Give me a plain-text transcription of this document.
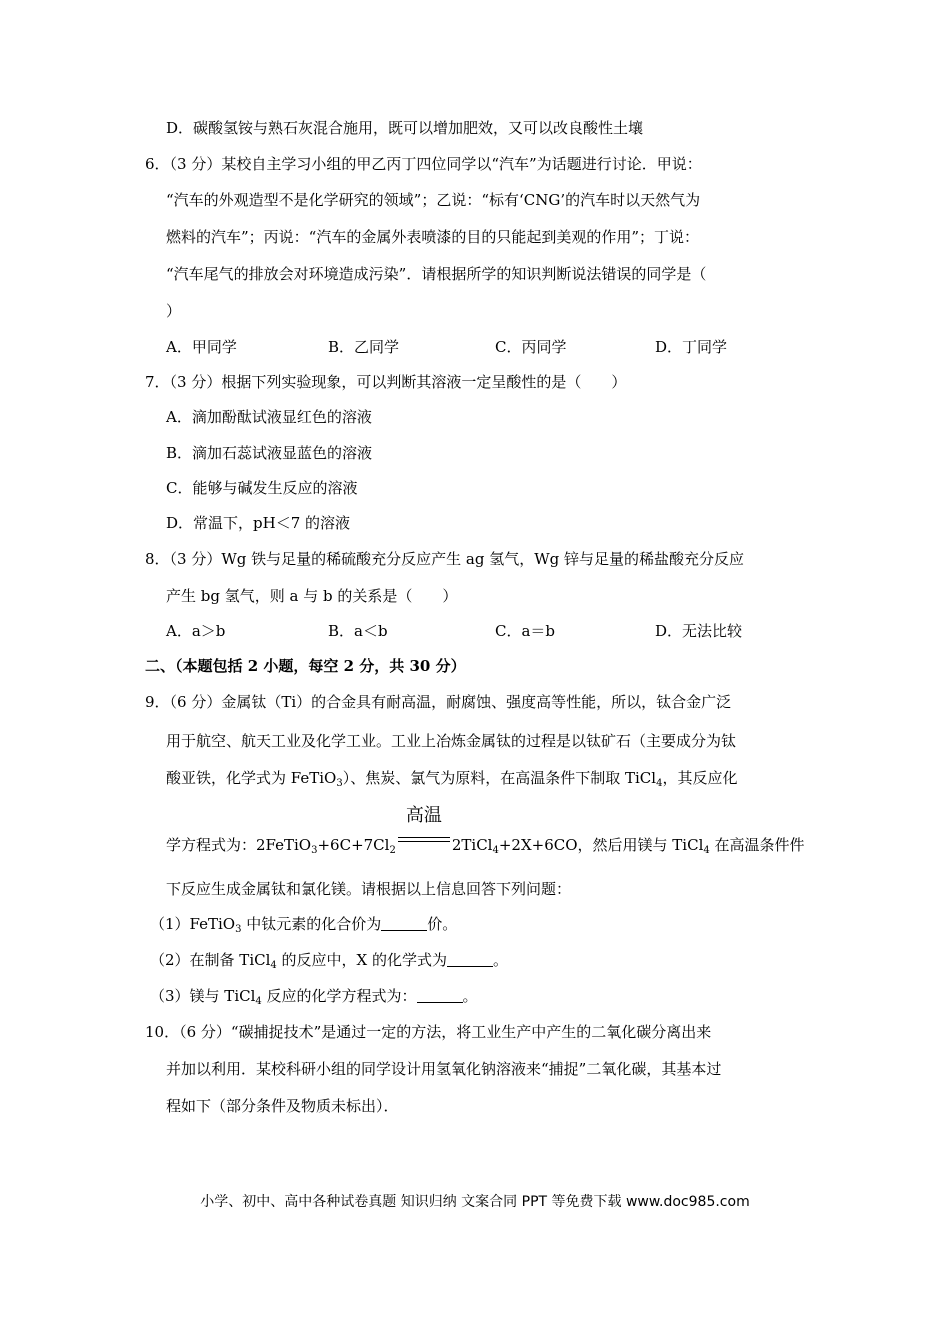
D．碳酸氢铵与熟石灰混合施用，既可以增加肥效，又可以改良酸性土壤
6．（3 分）某校自主学习小组的甲乙丙丁四位同学以“汽车”为话题进行讨论．甲说：
“汽车的外观造型不是化学研究的领域”；乙说：“标有‘CNG’的汽车时以天然气为
燃料的汽车”；丙说：“汽车的金属外表喷漆的目的只能起到美观的作用”；丁说：
“汽车尾气的排放会对环境造成污染”．请根据所学的知识判断说法错误的同学是（
）
A．甲同学	B．乙同学	C．丙同学	D．丁同学
7．（3 分）根据下列实验现象，可以判断其溶液一定呈酸性的是（　　）
A．滴加酚酞试液显红色的溶液
B．滴加石蕊试液显蓝色的溶液
C．能够与碱发生反应的溶液
D．常温下，pH＜7 的溶液
8．（3 分）Wg 铁与足量的稀硫酸充分反应产生 ag 氢气，Wg 锌与足量的稀盐酸充分反应
产生 bg 氢气，则 a 与 b 的关系是（　　）
A．a＞b	B．a＜b	C．a＝b	D．无法比较
二、（本题包括 2 小题，每空 2 分，共 30 分）
9．（6 分）金属钛（Ti）的合金具有耐高温，耐腐蚀、强度高等性能，所以，钛合金广泛
用于航空、航天工业及化学工业。工业上冶炼金属钛的过程是以钛矿石（主要成分为钛
酸亚铁，化学式为 FeTiO$_3$）、焦炭、氯气为原料，在高温条件下制取 TiCl$_4$，其反应化
学方程式为：$2FeTiO_3+6C+7Cl_2$
高温
2TiCl$_4$+2X+6CO，然后用镁与 TiCl$_4$ 在高温条件件
下反应生成金属钛和氯化镁。请根据以上信息回答下列问题：
（1）FeTiO$_3$ 中钛元素的化合价为	价。
（2）在制备 TiCl$_4$ 的反应中，X 的化学式为	。
（3）镁与 TiCl$_4$ 反应的化学方程式为：	。
10．（6 分）“碳捕捉技术”是通过一定的方法，将工业生产中产生的二氧化碳分离出来
并加以利用．某校科研小组的同学设计用氢氧化钠溶液来“捕捉”二氧化碳，其基本过
程如下（部分条件及物质未标出）．
小学、初中、高中各种试卷真题 知识归纳 文案合同 PPT 等免费下载 www.doc985.com
